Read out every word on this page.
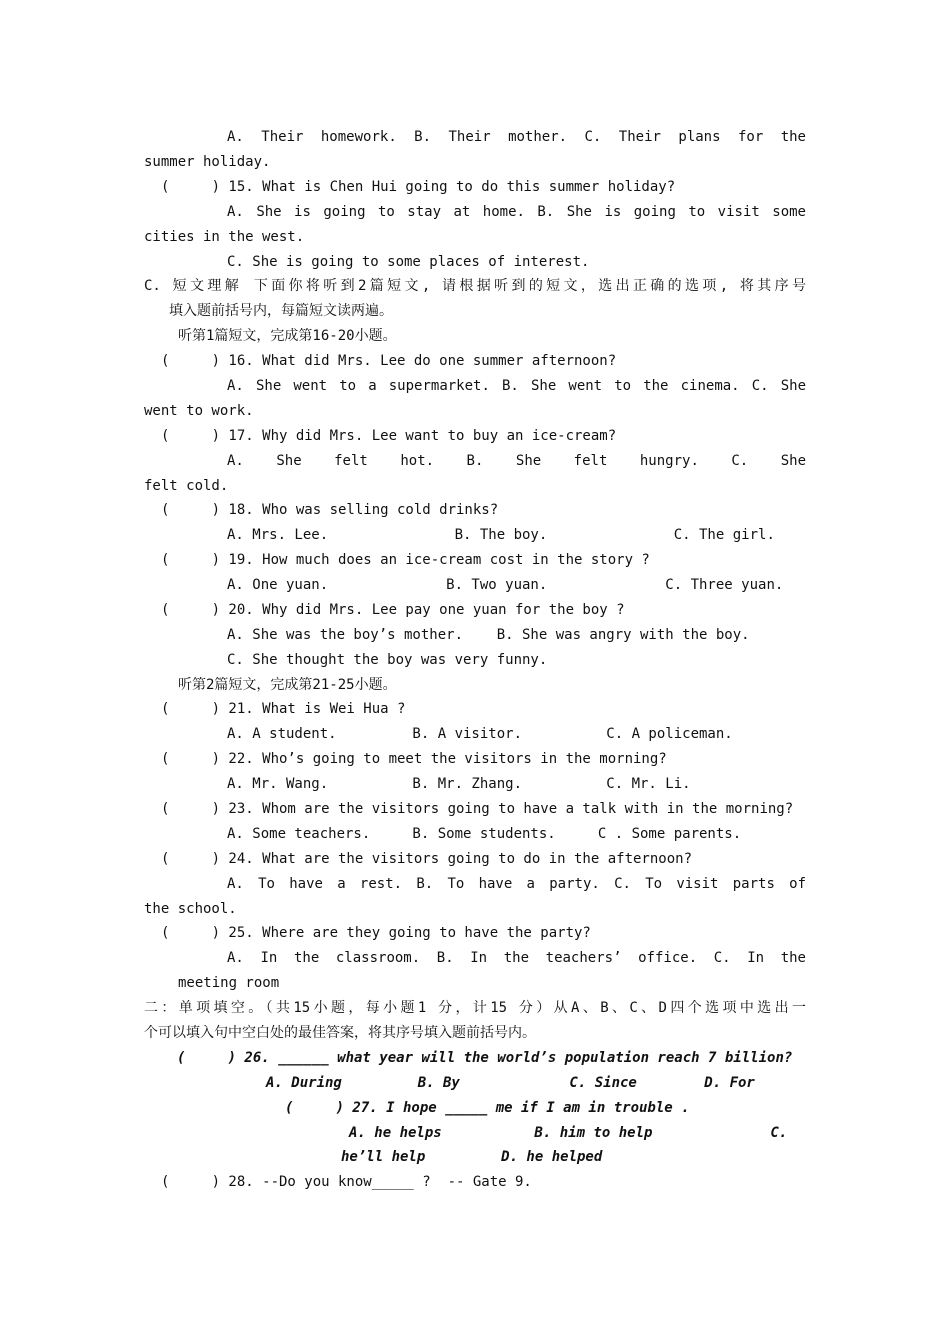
A. Their homework. B. Their mother. C. Their plans for the
summer holiday.
(     ) 15. What is Chen Hui going to do this summer holiday?
A. She is going to stay at home. B. She is going to visit some
cities in the west.
C. She is going to some places of interest.
C. 短文理解 下面你将听到2篇短文, 请根据听到的短文，选出正确的选项, 将其序号
填入题前括号内，每篇短文读两遍。
听第1篇短文，完成第16-20小题。
(     ) 16. What did Mrs. Lee do one summer afternoon?
A. She went to a supermarket. B. She went to the cinema. C. She
went to work.
(     ) 17. Why did Mrs. Lee want to buy an ice-cream?
A. She felt hot. B. She felt hungry. C. She
felt cold.
(     ) 18. Who was selling cold drinks?
A. Mrs. Lee.               B. The boy.               C. The girl.
(     ) 19. How much does an ice-cream cost in the story ?
A. One yuan.              B. Two yuan.              C. Three yuan.
(     ) 20. Why did Mrs. Lee pay one yuan for the boy ?
A. She was the boy’s mother.    B. She was angry with the boy.
C. She thought the boy was very funny.
听第2篇短文，完成第21-25小题。
(     ) 21. What is Wei Hua ?
A. A student.         B. A visitor.          C. A policeman.
(     ) 22. Who’s going to meet the visitors in the morning?
A. Mr. Wang.          B. Mr. Zhang.          C. Mr. Li.
(     ) 23. Whom are the visitors going to have a talk with in the morning?
A. Some teachers.     B. Some students.     C . Some parents.
(     ) 24. What are the visitors going to do in the afternoon?
A. To have a rest. B. To have a party. C. To visit parts of
the school.
(     ) 25. Where are they going to have the party?
A. In the classroom. B. In the teachers’ office. C. In the
meeting room
二：单项填空。（共15小题，每小题1 分，计15 分）从A、B、C、D四个选项中选出一
个可以填入句中空白处的最佳答案，将其序号填入题前括号内。
(     ) 26. ______ what year will the world’s population reach 7 billion?
A. During         B. By             C. Since        D. For
(     ) 27. I hope _____ me if I am in trouble .
A. he helps           B. him to help              C.
he’ll help         D. he helped
(     ) 28. --Do you know_____ ?  -- Gate 9.
